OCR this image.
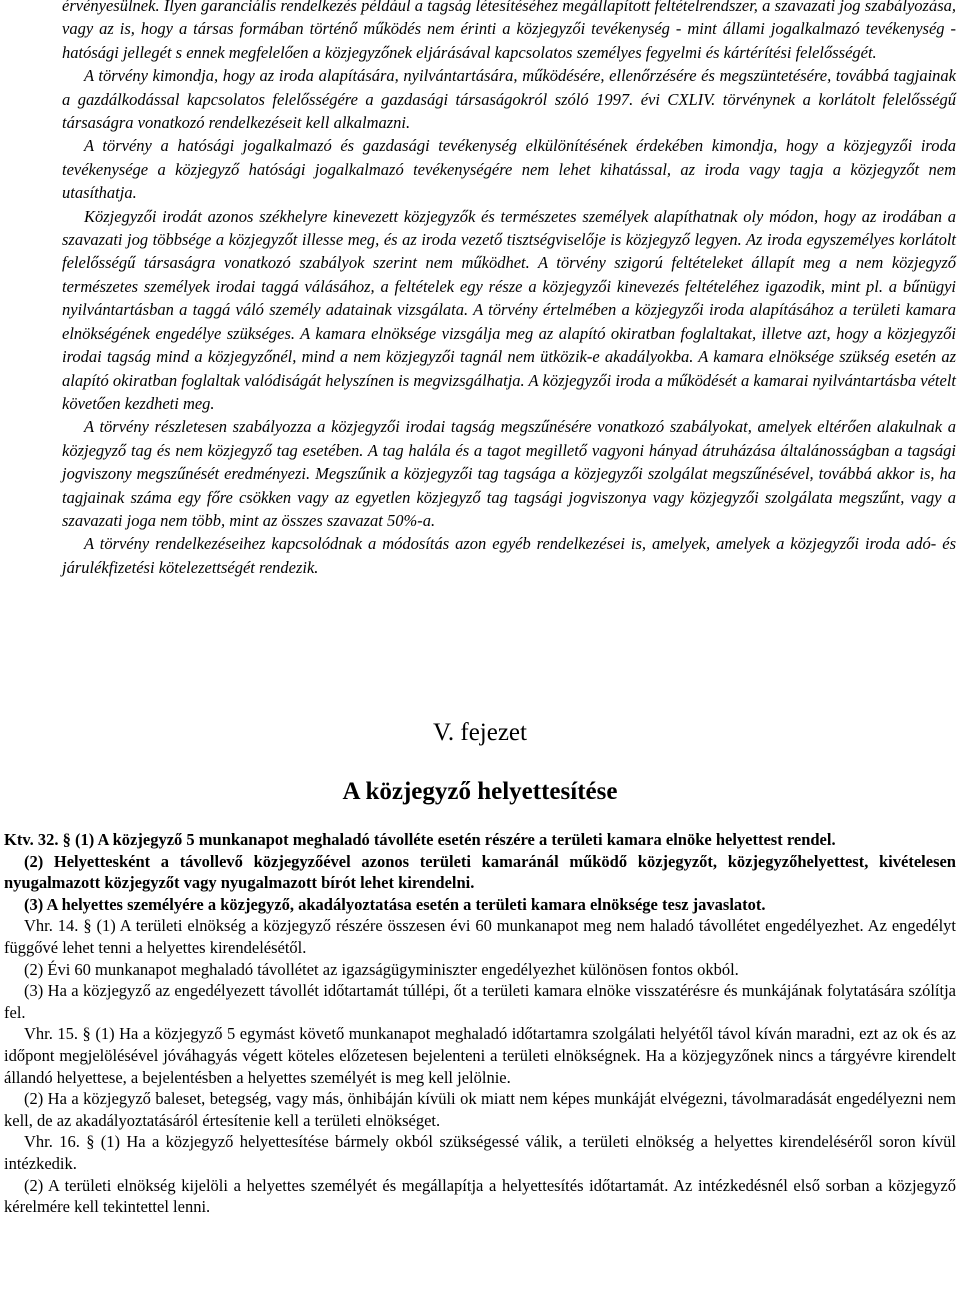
érvényesülnek. Ilyen garanciális rendelkezés például a tagság létesítéséhez megállapított feltételrendszer, a szavazati jog szabályozása, vagy az is, hogy a társas formában történő működés nem érinti a közjegyzői tevékenység - mint állami jogalkalmazó tevékenység - hatósági jellegét s ennek megfelelően a közjegyzőnek eljárásával kapcsolatos személyes fegyelmi és kártérítési felelősségét.

A törvény kimondja, hogy az iroda alapítására, nyilvántartására, működésére, ellenőrzésére és megszüntetésére, továbbá tagjainak a gazdálkodással kapcsolatos felelősségére a gazdasági társaságokról szóló 1997. évi CXLIV. törvénynek a korlátolt felelősségű társaságra vonatkozó rendelkezéseit kell alkalmazni.

A törvény a hatósági jogalkalmazó és gazdasági tevékenység elkülönítésének érdekében kimondja, hogy a közjegyzői iroda tevékenysége a közjegyző hatósági jogalkalmazó tevékenységére nem lehet kihatással, az iroda vagy tagja a közjegyzőt nem utasíthatja.

Közjegyzői irodát azonos székhelyre kinevezett közjegyzők és természetes személyek alapíthatnak oly módon, hogy az irodában a szavazati jog többsége a közjegyzőt illesse meg, és az iroda vezető tisztségviselője is közjegyző legyen. Az iroda egyszemélyes korlátolt felelősségű társaságra vonatkozó szabályok szerint nem működhet. A törvény szigorú feltételeket állapít meg a nem közjegyző természetes személyek irodai taggá válásához, a feltételek egy része a közjegyzői kinevezés feltételéhez igazodik, mint pl. a bűnügyi nyilvántartásban a taggá váló személy adatainak vizsgálata. A törvény értelmében a közjegyzői iroda alapításához a területi kamara elnökségének engedélye szükséges. A kamara elnöksége vizsgálja meg az alapító okiratban foglaltakat, illetve azt, hogy a közjegyzői irodai tagság mind a közjegyzőnél, mind a nem közjegyzői tagnál nem ütközik-e akadályokba. A kamara elnöksége szükség esetén az alapító okiratban foglaltak valódiságát helyszínen is megvizsgálhatja. A közjegyzői iroda a működését a kamarai nyilvántartásba vételt követően kezdheti meg.

A törvény részletesen szabályozza a közjegyzői irodai tagság megszűnésére vonatkozó szabályokat, amelyek eltérően alakulnak a közjegyző tag és nem közjegyző tag esetében. A tag halála és a tagot megillető vagyoni hányad átruházása általánosságban a tagsági jogviszony megszűnését eredményezi. Megszűnik a közjegyzői tag tagsága a közjegyzői szolgálat megszűnésével, továbbá akkor is, ha tagjainak száma egy főre csökken vagy az egyetlen közjegyző tag tagsági jogviszonya vagy közjegyzői szolgálata megszűnt, vagy a szavazati joga nem több, mint az összes szavazat 50%-a.

A törvény rendelkezéseihez kapcsolódnak a módosítás azon egyéb rendelkezései is, amelyek, amelyek a közjegyzői iroda adó- és járulékfizetési kötelezettségét rendezik.

V. fejezet
A közjegyző helyettesítése

Ktv. 32. § (1) A közjegyző 5 munkanapot meghaladó távolléte esetén részére a területi kamara elnöke helyettest rendel.

(2) Helyettesként a távollevő közjegyzőével azonos területi kamaránál működő közjegyzőt, közjegyzőhelyettest, kivételesen nyugalmazott közjegyzőt vagy nyugalmazott bírót lehet kirendelni.

(3) A helyettes személyére a közjegyző, akadályoztatása esetén a területi kamara elnöksége tesz javaslatot.

Vhr. 14. § (1) A területi elnökség a közjegyző részére összesen évi 60 munkanapot meg nem haladó távollétet engedélyezhet. Az engedélyt függővé lehet tenni a helyettes kirendelésétől.

(2) Évi 60 munkanapot meghaladó távollétet az igazságügyminiszter engedélyezhet különösen fontos okból.

(3) Ha a közjegyző az engedélyezett távollét időtartamát túllépi, őt a területi kamara elnöke visszatérésre és munkájának folytatására szólítja fel.

Vhr. 15. § (1) Ha a közjegyző 5 egymást követő munkanapot meghaladó időtartamra szolgálati helyétől távol kíván maradni, ezt az ok és az időpont megjelölésével jóváhagyás végett köteles előzetesen bejelenteni a területi elnökségnek. Ha a közjegyzőnek nincs a tárgyévre kirendelt állandó helyettese, a bejelentésben a helyettes személyét is meg kell jelölnie.

(2) Ha a közjegyző baleset, betegség, vagy más, önhibáján kívüli ok miatt nem képes munkáját elvégezni, távolmaradását engedélyezni nem kell, de az akadályoztatásáról értesítenie kell a területi elnökséget.

Vhr. 16. § (1) Ha a közjegyző helyettesítése bármely okból szükségessé válik, a területi elnökség a helyettes kirendeléséről soron kívül intézkedik.

(2) A területi elnökség kijelöli a helyettes személyét és megállapítja a helyettesítés időtartamát. Az intézkedésnél első sorban a közjegyző kérelmére kell tekintettel lenni.
